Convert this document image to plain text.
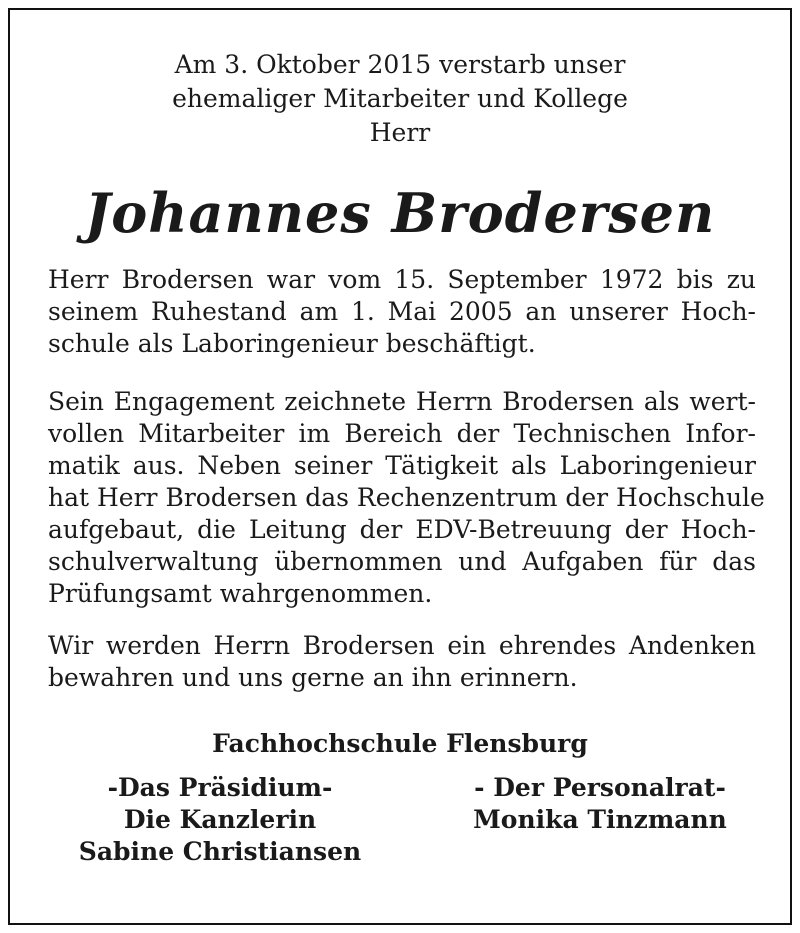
Am 3. Oktober 2015 verstarb unser
ehemaliger Mitarbeiter und Kollege
Herr
Johannes Brodersen
Herr Brodersen war vom 15. September 1972 bis zu
seinem Ruhestand am 1. Mai 2005 an unserer Hoch-
schule als Laboringenieur beschäftigt.
Sein Engagement zeichnete Herrn Brodersen als wert-
vollen Mitarbeiter im Bereich der Technischen Infor-
matik aus. Neben seiner Tätigkeit als Laboringenieur
hat Herr Brodersen das Rechenzentrum der Hochschule
aufgebaut, die Leitung der EDV-Betreuung der Hoch-
schulverwaltung übernommen und Aufgaben für das
Prüfungsamt wahrgenommen.
Wir werden Herrn Brodersen ein ehrendes Andenken
bewahren und uns gerne an ihn erinnern.
Fachhochschule Flensburg
-Das Präsidium-
Die Kanzlerin
Sabine Christiansen
- Der Personalrat-
Monika Tinzmann
